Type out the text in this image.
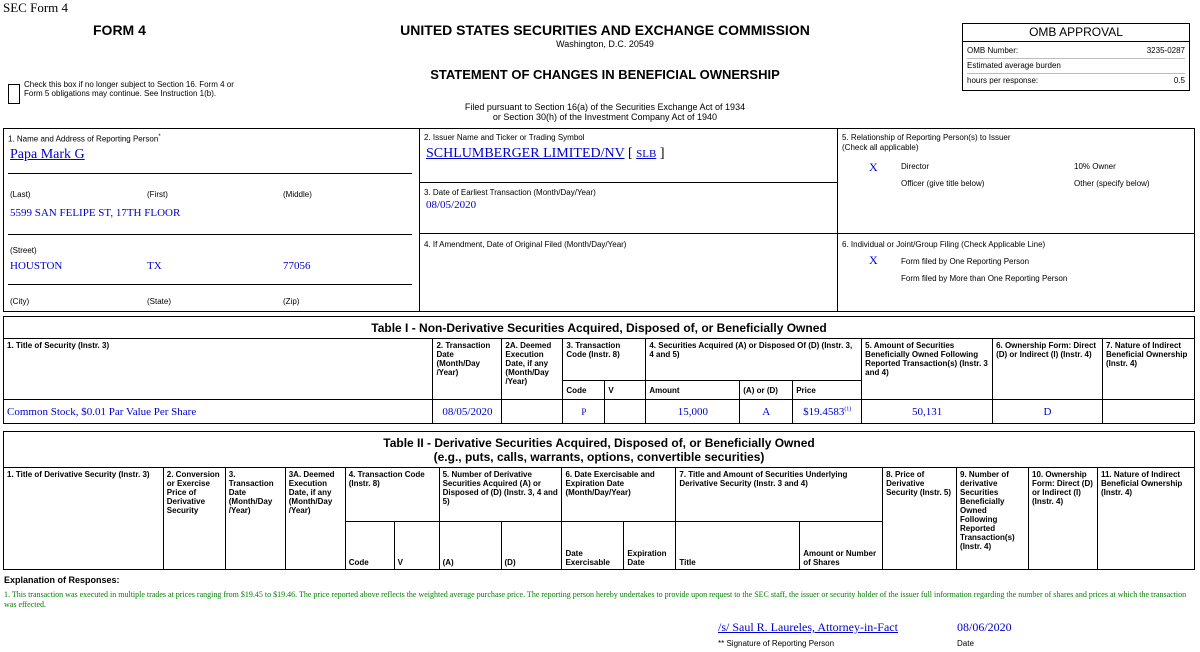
SEC Form 4
FORM 4
Check this box if no longer subject to Section 16. Form 4 or Form 5 obligations may continue. See Instruction 1(b).
UNITED STATES SECURITIES AND EXCHANGE COMMISSION
Washington, D.C. 20549
STATEMENT OF CHANGES IN BENEFICIAL OWNERSHIP
Filed pursuant to Section 16(a) of the Securities Exchange Act of 1934
or Section 30(h) of the Investment Company Act of 1940
OMB APPROVAL
OMB Number:	3235-0287
Estimated average burden
hours per response:	0.5
1. Name and Address of Reporting Person*
Papa Mark G
(Last)	(First)	(Middle)
5599 SAN FELIPE ST, 17TH FLOOR
(Street)
HOUSTON	TX	77056
(City)	(State)	(Zip)
2. Issuer Name and Ticker or Trading Symbol
SCHLUMBERGER LIMITED/NV [ SLB ]
3. Date of Earliest Transaction (Month/Day/Year)
08/05/2020
4. If Amendment, Date of Original Filed (Month/Day/Year)
5. Relationship of Reporting Person(s) to Issuer
(Check all applicable)
X	Director	10% Owner
Officer (give title below)	Other (specify below)
6. Individual or Joint/Group Filing (Check Applicable Line)
X	Form filed by One Reporting Person
Form filed by More than One Reporting Person
Table I - Non-Derivative Securities Acquired, Disposed of, or Beneficially Owned										
1. Title of Security (Instr. 3)	2. Transaction Date (Month/Day /Year)	2A. Deemed Execution Date, if any (Month/Day /Year)	3. Transaction Code (Instr. 8)		4. Securities Acquired (A) or Disposed Of (D) (Instr. 3, 4 and 5)			5. Amount of Securities Beneficially Owned Following Reported Transaction(s) (Instr. 3 and 4)	6. Ownership Form: Direct (D) or Indirect (I) (Instr. 4)	7. Nature of Indirect Beneficial Ownership (Instr. 4)
			Code	V	Amount	(A) or (D)	Price			
Common Stock, $0.01 Par Value Per Share	08/05/2020		P		15,000	A	$19.4583$^{(1)}$	50,131	D	
Table II - Derivative Securities Acquired, Disposed of, or Beneficially Owned
(e.g., puts, calls, warrants, options, convertible securities)															

1. Title of Derivative Security (Instr. 3)	2. Conversion or Exercise Price of Derivative Security	3. Transaction Date (Month/Day /Year)	3A. Deemed Execution Date, if any (Month/Day /Year)	4. Transaction Code (Instr. 8)		5. Number of Derivative Securities Acquired (A) or Disposed of (D) (Instr. 3, 4 and 5)		6. Date Exercisable and Expiration Date (Month/Day/Year)		7. Title and Amount of Securities Underlying Derivative Security (Instr. 3 and 4)		8. Price of Derivative Security (Instr. 5)	9. Number of derivative Securities Beneficially Owned Following Reported Transaction(s) (Instr. 4)	10. Ownership Form: Direct (D) or Indirect (I) (Instr. 4)	11. Nature of Indirect Beneficial Ownership (Instr. 4)
				Code	V	(A)	(D)	Date Exercisable	Expiration Date	Title	Amount or Number of Shares				
Explanation of Responses:
1. This transaction was executed in multiple trades at prices ranging from $19.45 to $19.46. The price reported above reflects the weighted average purchase price. The reporting person hereby undertakes to provide upon request to the SEC staff, the issuer or security holder of the issuer full information regarding the number of shares and prices at which the transaction was effected.
/s/ Saul R. Laureles, Attorney-in-Fact	08/06/2020
** Signature of Reporting Person	Date
